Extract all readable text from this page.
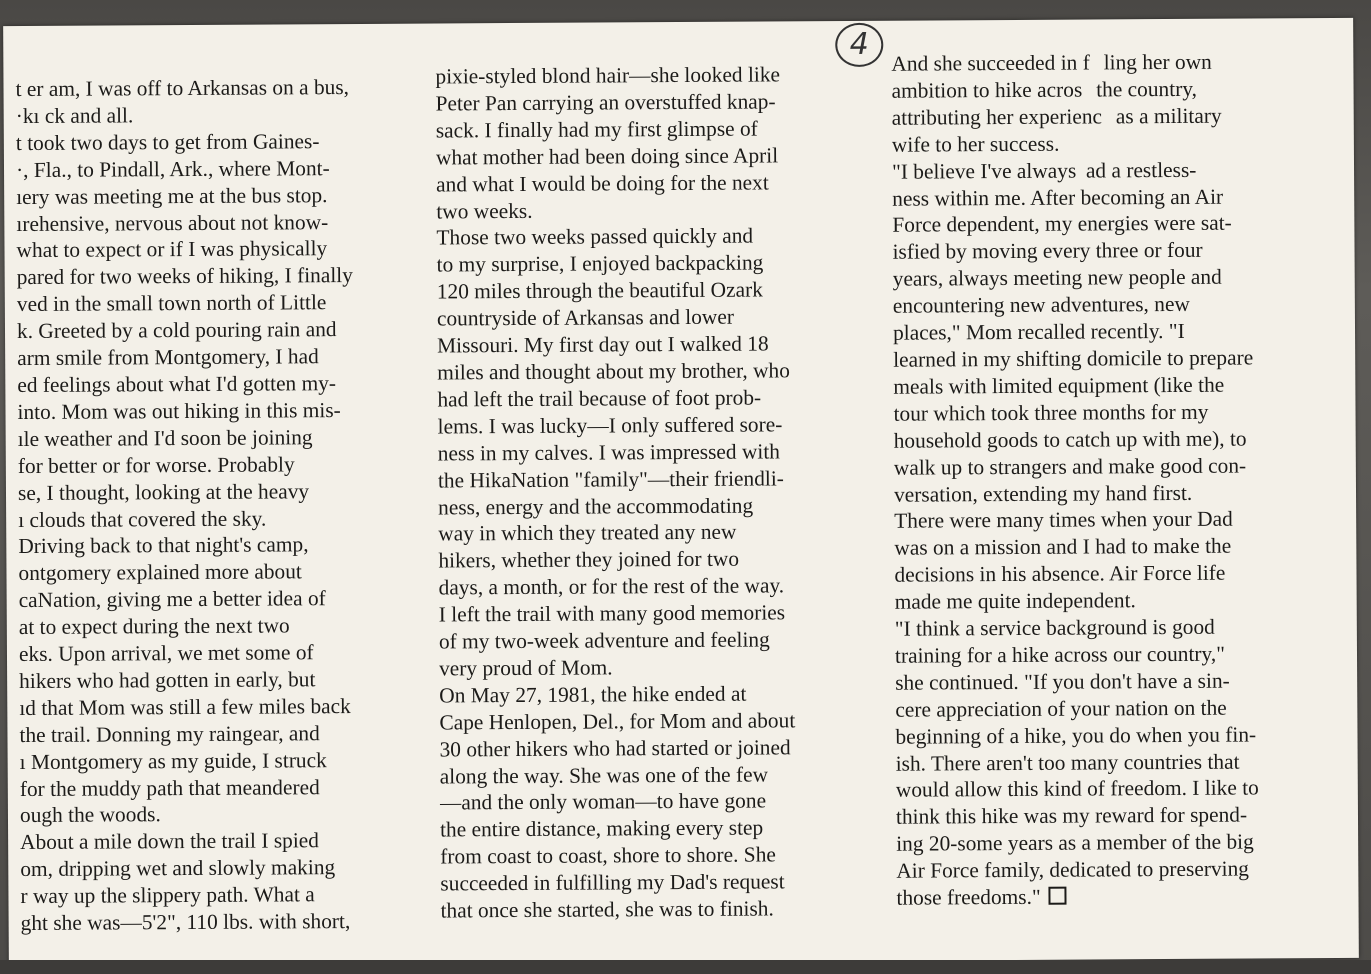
4
t er am, I was off to Arkansas on a bus,
·kı ck and all.
t took two days to get from Gaines-
·, Fla., to Pindall, Ark., where Mont-
ıery was meeting me at the bus stop.
ırehensive, nervous about not know-
what to expect or if I was physically
pared for two weeks of hiking, I finally
ved in the small town north of Little
k. Greeted by a cold pouring rain and
arm smile from Montgomery, I had
ed feelings about what I'd gotten my-
into. Mom was out hiking in this mis-
ıle weather and I'd soon be joining
for better or for worse. Probably
se, I thought, looking at the heavy
ı clouds that covered the sky.
Driving back to that night's camp,
ontgomery explained more about
caNation, giving me a better idea of
at to expect during the next two
eks. Upon arrival, we met some of
hikers who had gotten in early, but
ıd that Mom was still a few miles back
the trail. Donning my raingear, and
ı Montgomery as my guide, I struck
for the muddy path that meandered
ough the woods.
About a mile down the trail I spied
om, dripping wet and slowly making
r way up the slippery path. What a
ght she was—5'2", 110 lbs. with short,
pixie-styled blond hair—she looked like
Peter Pan carrying an overstuffed knap-
sack. I finally had my first glimpse of
what mother had been doing since April
and what I would be doing for the next
two weeks.
Those two weeks passed quickly and
to my surprise, I enjoyed backpacking
120 miles through the beautiful Ozark
countryside of Arkansas and lower
Missouri. My first day out I walked 18
miles and thought about my brother, who
had left the trail because of foot prob-
lems. I was lucky—I only suffered sore-
ness in my calves. I was impressed with
the HikaNation "family"—their friendli-
ness, energy and the accommodating
way in which they treated any new
hikers, whether they joined for two
days, a month, or for the rest of the way.
I left the trail with many good memories
of my two-week adventure and feeling
very proud of Mom.
On May 27, 1981, the hike ended at
Cape Henlopen, Del., for Mom and about
30 other hikers who had started or joined
along the way. She was one of the few
—and the only woman—to have gone
the entire distance, making every step
from coast to coast, shore to shore. She
succeeded in fulfilling my Dad's request
that once she started, she was to finish.
And she succeeded in f   ling her own
ambition to hike acros   the country,
attributing her experienc   as a military
wife to her success.
"I believe I've always  ad a restless-
ness within me. After becoming an Air
Force dependent, my energies were sat-
isfied by moving every three or four
years, always meeting new people and
encountering new adventures, new
places," Mom recalled recently. "I
learned in my shifting domicile to prepare
meals with limited equipment (like the
tour which took three months for my
household goods to catch up with me), to
walk up to strangers and make good con-
versation, extending my hand first.
There were many times when your Dad
was on a mission and I had to make the
decisions in his absence. Air Force life
made me quite independent.
"I think a service background is good
training for a hike across our country,"
she continued. "If you don't have a sin-
cere appreciation of your nation on the
beginning of a hike, you do when you fin-
ish. There aren't too many countries that
would allow this kind of freedom. I like to
think this hike was my reward for spend-
ing 20-some years as a member of the big
Air Force family, dedicated to preserving
those freedoms."
